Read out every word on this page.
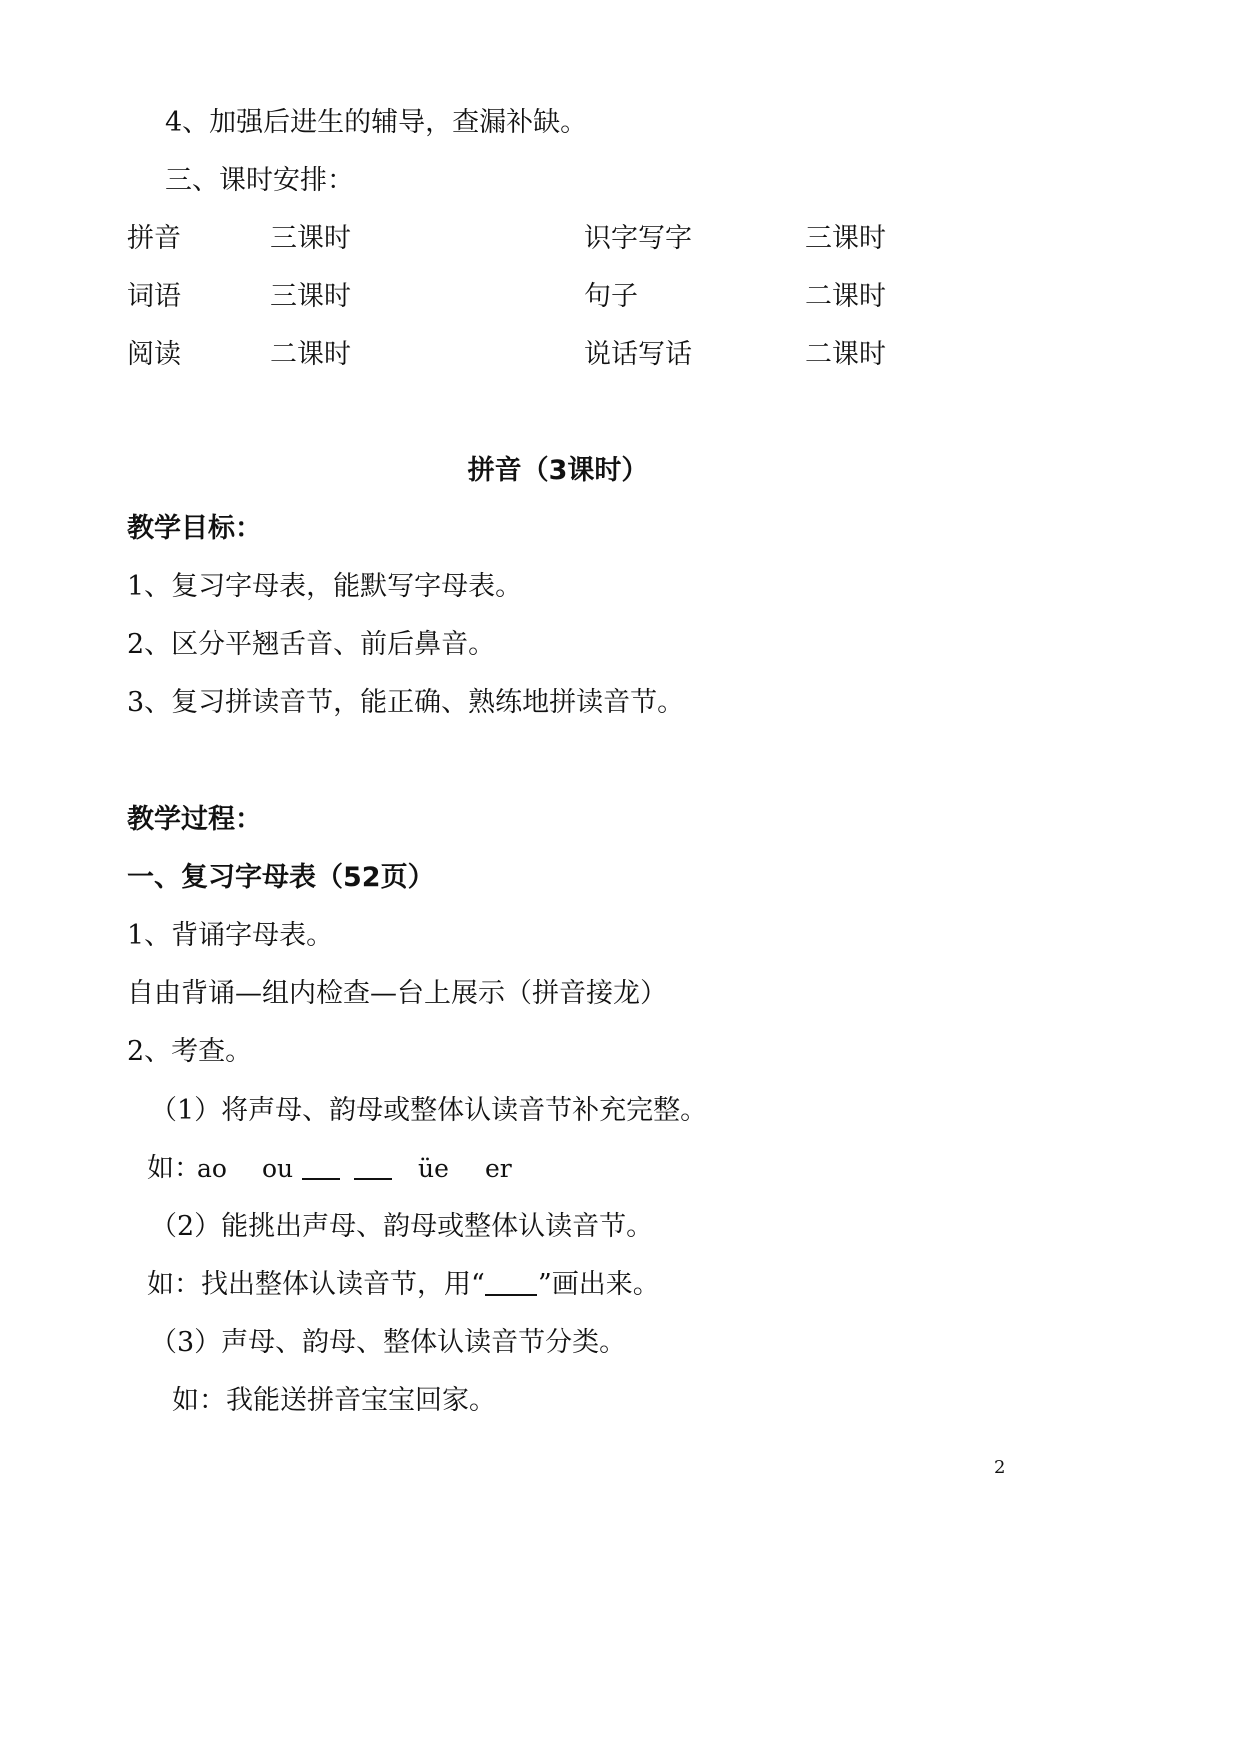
4、加强后进生的辅导，查漏补缺。
三、课时安排：
拼音	三课时	识字写字	三课时
词语	三课时	句子	二课时
阅读	二课时	说话写话	二课时
拼音（3课时）
教学目标：
1、复习字母表，能默写字母表。
2、区分平翘舌音、前后鼻音。
3、复习拼读音节，能正确、熟练地拼读音节。
教学过程：
一、复习字母表（52页）
1、背诵字母表。
自由背诵—组内检查—台上展示（拼音接龙）
2、考查。
（1）将声母、韵母或整体认读音节补充完整。
如：
ao ou	üe er
（2）能挑出声母、韵母或整体认读音节。
如：找出整体认读音节，用“ ”画出来。
（3）声母、韵母、整体认读音节分类。
如：我能送拼音宝宝回家。
2
